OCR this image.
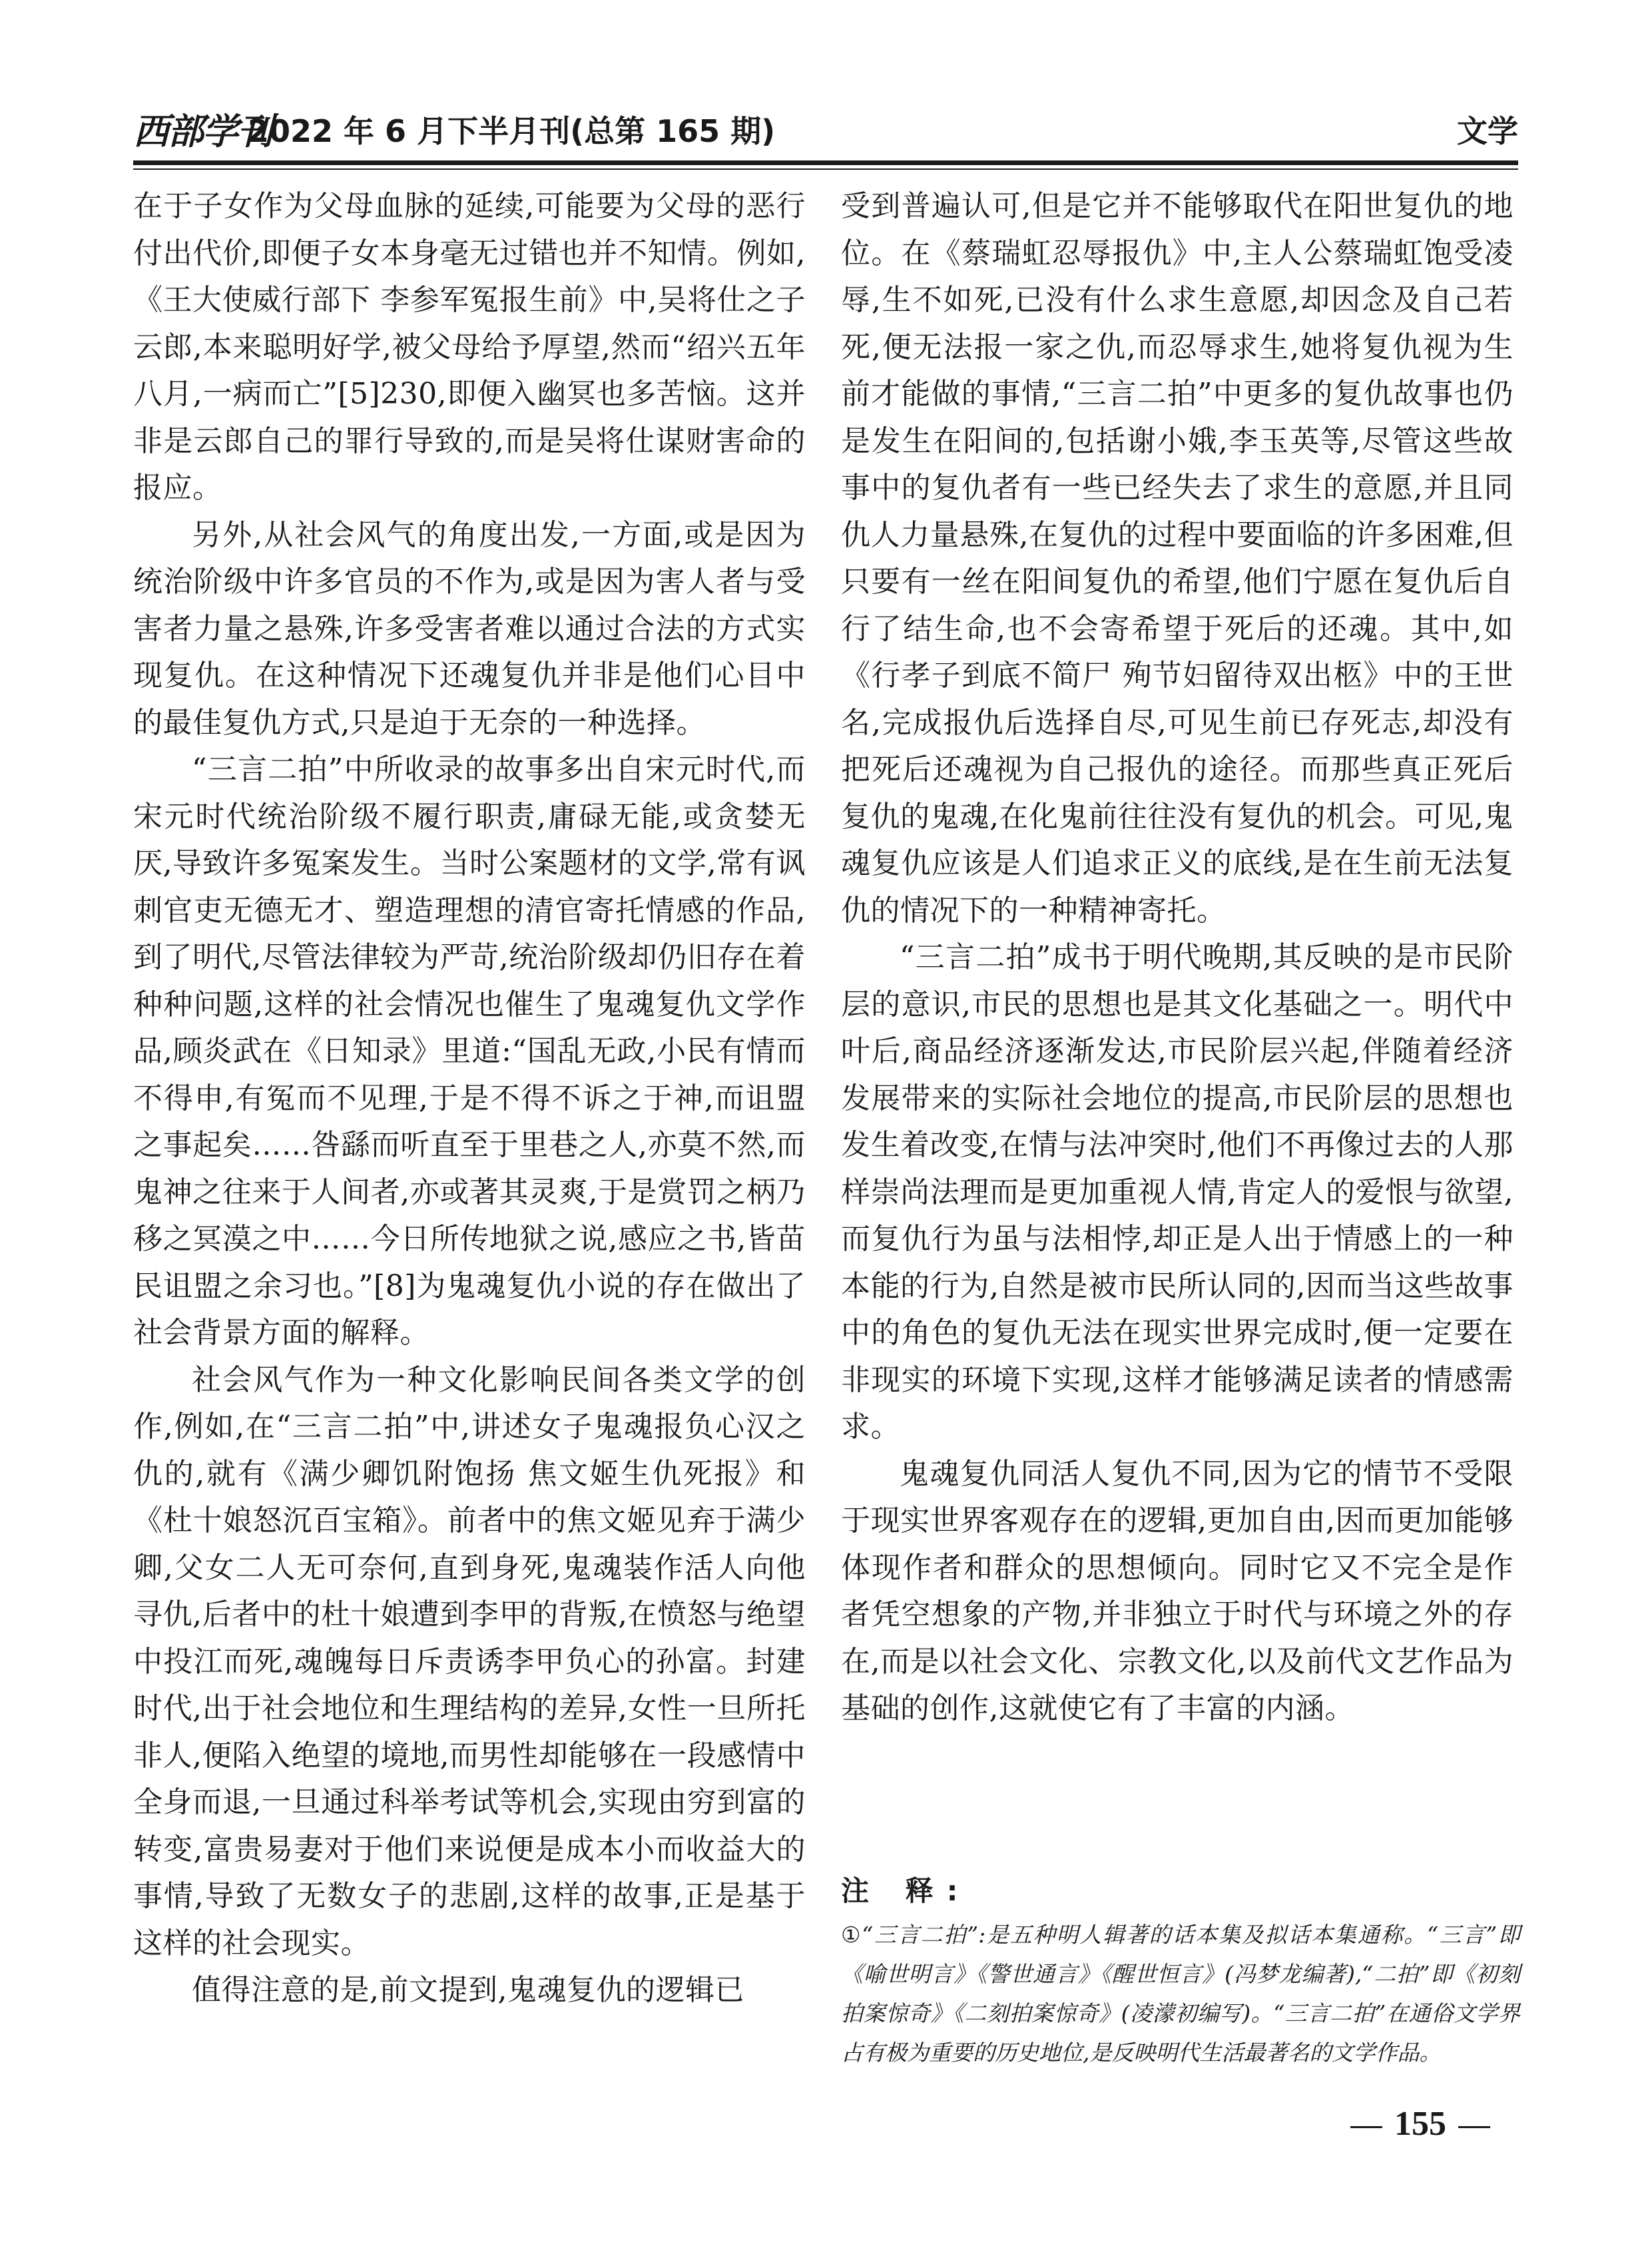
西部学刊
2022 年 6 月下半月刊(总第 165 期)	文学

在于子女作为父母血脉的延续,可能要为父母的恶行付出代价,即便子女本身毫无过错也并不知情。例如,《王大使威行部下 李参军冤报生前》中,吴将仕之子云郎,本来聪明好学,被父母给予厚望,然而“绍兴五年八月,一病而亡”[5]230,即便入幽冥也多苦恼。这并非是云郎自己的罪行导致的,而是吴将仕谋财害命的报应。

另外,从社会风气的角度出发,一方面,或是因为统治阶级中许多官员的不作为,或是因为害人者与受害者力量之悬殊,许多受害者难以通过合法的方式实现复仇。在这种情况下还魂复仇并非是他们心目中的最佳复仇方式,只是迫于无奈的一种选择。

“三言二拍”中所收录的故事多出自宋元时代,而宋元时代统治阶级不履行职责,庸碌无能,或贪婪无厌,导致许多冤案发生。当时公案题材的文学,常有讽刺官吏无德无才、塑造理想的清官寄托情感的作品,到了明代,尽管法律较为严苛,统治阶级却仍旧存在着种种问题,这样的社会情况也催生了鬼魂复仇文学作品,顾炎武在《日知录》里道:“国乱无政,小民有情而不得申,有冤而不见理,于是不得不诉之于神,而诅盟之事起矣……咎繇而听直至于里巷之人,亦莫不然,而鬼神之往来于人间者,亦或著其灵爽,于是赏罚之柄乃移之冥漠之中……今日所传地狱之说,感应之书,皆苗民诅盟之余习也。”[8]为鬼魂复仇小说的存在做出了社会背景方面的解释。

社会风气作为一种文化影响民间各类文学的创作,例如,在“三言二拍”中,讲述女子鬼魂报负心汉之仇的,就有《满少卿饥附饱扬 焦文姬生仇死报》和《杜十娘怒沉百宝箱》。前者中的焦文姬见弃于满少卿,父女二人无可奈何,直到身死,鬼魂装作活人向他寻仇,后者中的杜十娘遭到李甲的背叛,在愤怒与绝望中投江而死,魂魄每日斥责诱李甲负心的孙富。封建时代,出于社会地位和生理结构的差异,女性一旦所托非人,便陷入绝望的境地,而男性却能够在一段感情中全身而退,一旦通过科举考试等机会,实现由穷到富的转变,富贵易妻对于他们来说便是成本小而收益大的事情,导致了无数女子的悲剧,这样的故事,正是基于这样的社会现实。

值得注意的是,前文提到,鬼魂复仇的逻辑已

受到普遍认可,但是它并不能够取代在阳世复仇的地位。在《蔡瑞虹忍辱报仇》中,主人公蔡瑞虹饱受凌辱,生不如死,已没有什么求生意愿,却因念及自己若死,便无法报一家之仇,而忍辱求生,她将复仇视为生前才能做的事情,“三言二拍”中更多的复仇故事也仍是发生在阳间的,包括谢小娥,李玉英等,尽管这些故事中的复仇者有一些已经失去了求生的意愿,并且同仇人力量悬殊,在复仇的过程中要面临的许多困难,但只要有一丝在阳间复仇的希望,他们宁愿在复仇后自行了结生命,也不会寄希望于死后的还魂。其中,如《行孝子到底不简尸 殉节妇留待双出柩》中的王世名,完成报仇后选择自尽,可见生前已存死志,却没有把死后还魂视为自己报仇的途径。而那些真正死后复仇的鬼魂,在化鬼前往往没有复仇的机会。可见,鬼魂复仇应该是人们追求正义的底线,是在生前无法复仇的情况下的一种精神寄托。

“三言二拍”成书于明代晚期,其反映的是市民阶层的意识,市民的思想也是其文化基础之一。明代中叶后,商品经济逐渐发达,市民阶层兴起,伴随着经济发展带来的实际社会地位的提高,市民阶层的思想也发生着改变,在情与法冲突时,他们不再像过去的人那样崇尚法理而是更加重视人情,肯定人的爱恨与欲望,而复仇行为虽与法相悖,却正是人出于情感上的一种本能的行为,自然是被市民所认同的,因而当这些故事中的角色的复仇无法在现实世界完成时,便一定要在非现实的环境下实现,这样才能够满足读者的情感需求。

鬼魂复仇同活人复仇不同,因为它的情节不受限于现实世界客观存在的逻辑,更加自由,因而更加能够体现作者和群众的思想倾向。同时它又不完全是作者凭空想象的产物,并非独立于时代与环境之外的存在,而是以社会文化、宗教文化,以及前代文艺作品为基础的创作,这就使它有了丰富的内涵。

注 释:

①“三言二拍”:是五种明人辑著的话本集及拟话本集通称。“三言”即《喻世明言》《警世通言》《醒世恒言》(冯梦龙编著),“二拍”即《初刻拍案惊奇》《二刻拍案惊奇》(凌濛初编写)。“三言二拍”在通俗文学界占有极为重要的历史地位,是反映明代生活最著名的文学作品。

155
